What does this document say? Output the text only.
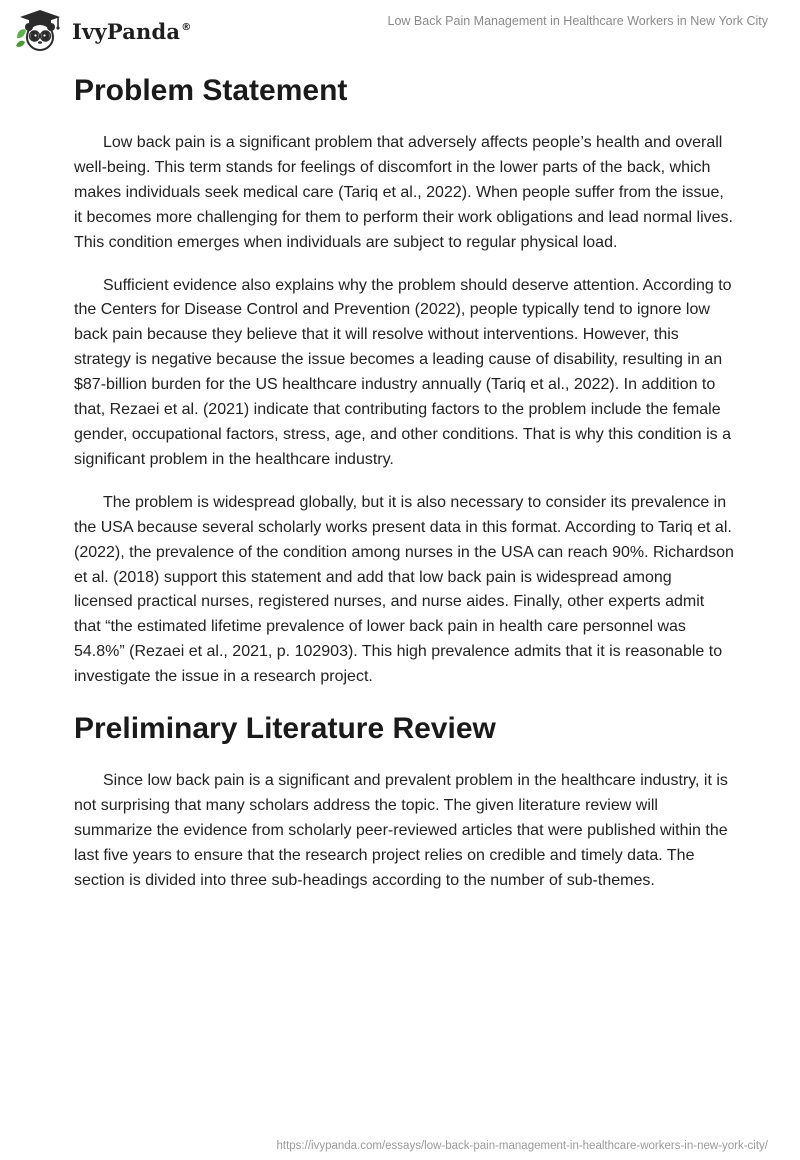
IvyPanda®	Low Back Pain Management in Healthcare Workers in New York City
Problem Statement

Low back pain is a significant problem that adversely affects people’s health and overall well-being. This term stands for feelings of discomfort in the lower parts of the back, which makes individuals seek medical care (Tariq et al., 2022). When people suffer from the issue, it becomes more challenging for them to perform their work obligations and lead normal lives. This condition emerges when individuals are subject to regular physical load.

Sufficient evidence also explains why the problem should deserve attention. According to the Centers for Disease Control and Prevention (2022), people typically tend to ignore low back pain because they believe that it will resolve without interventions. However, this strategy is negative because the issue becomes a leading cause of disability, resulting in an $87-billion burden for the US healthcare industry annually (Tariq et al., 2022). In addition to that, Rezaei et al. (2021) indicate that contributing factors to the problem include the female gender, occupational factors, stress, age, and other conditions. That is why this condition is a significant problem in the healthcare industry.

The problem is widespread globally, but it is also necessary to consider its prevalence in the USA because several scholarly works present data in this format. According to Tariq et al. (2022), the prevalence of the condition among nurses in the USA can reach 90%. Richardson et al. (2018) support this statement and add that low back pain is widespread among licensed practical nurses, registered nurses, and nurse aides. Finally, other experts admit that “the estimated lifetime prevalence of lower back pain in health care personnel was 54.8%” (Rezaei et al., 2021, p. 102903). This high prevalence admits that it is reasonable to investigate the issue in a research project.

Preliminary Literature Review

Since low back pain is a significant and prevalent problem in the healthcare industry, it is not surprising that many scholars address the topic. The given literature review will summarize the evidence from scholarly peer-reviewed articles that were published within the last five years to ensure that the research project relies on credible and timely data. The section is divided into three sub-headings according to the number of sub-themes.

https://ivypanda.com/essays/low-back-pain-management-in-healthcare-workers-in-new-york-city/
